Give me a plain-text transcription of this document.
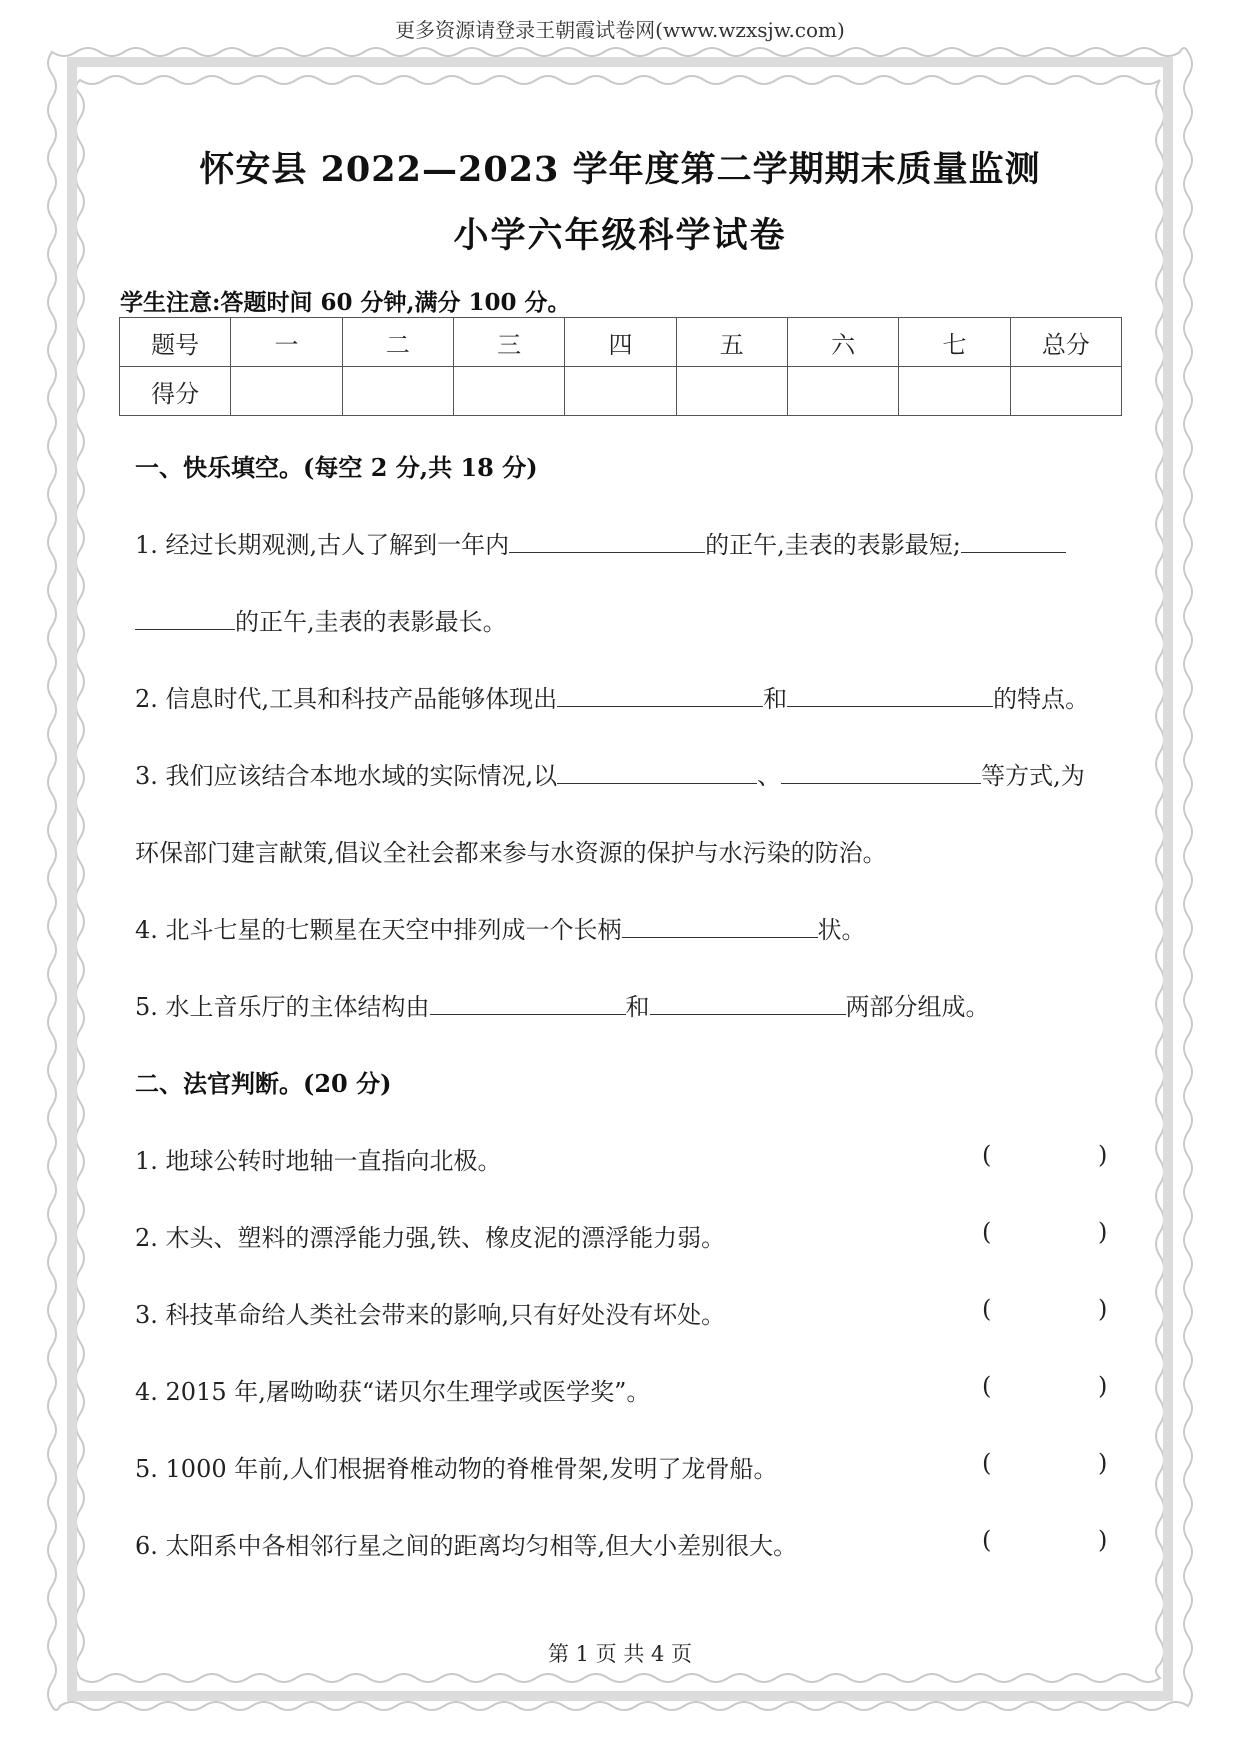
更多资源请登录王朝霞试卷网(www.wzxsjw.com)
怀安县 2022—2023 学年度第二学期期末质量监测
小学六年级科学试卷
学生注意:答题时间 60 分钟,满分 100 分。
题号	一	二	三	四	五	六	七	总分
得分								
一、快乐填空。(每空 2 分,共 18 分)
1. 经过长期观测,古人了解到一年内	的正午,圭表的表影最短;
的正午,圭表的表影最长。
2. 信息时代,工具和科技产品能够体现出	和	的特点。
3. 我们应该结合本地水域的实际情况,以	、	等方式,为
环保部门建言献策,倡议全社会都来参与水资源的保护与水污染的防治。
4. 北斗七星的七颗星在天空中排列成一个长柄	状。
5. 水上音乐厅的主体结构由	和	两部分组成。
二、法官判断。(20 分)
1. 地球公转时地轴一直指向北极。	(	)
2. 木头、塑料的漂浮能力强,铁、橡皮泥的漂浮能力弱。	(	)
3. 科技革命给人类社会带来的影响,只有好处没有坏处。	(	)
4. 2015 年,屠呦呦获“诺贝尔生理学或医学奖”。	(	)
5. 1000 年前,人们根据脊椎动物的脊椎骨架,发明了龙骨船。	(	)
6. 太阳系中各相邻行星之间的距离均匀相等,但大小差别很大。	(	)
第 1 页 共 4 页
